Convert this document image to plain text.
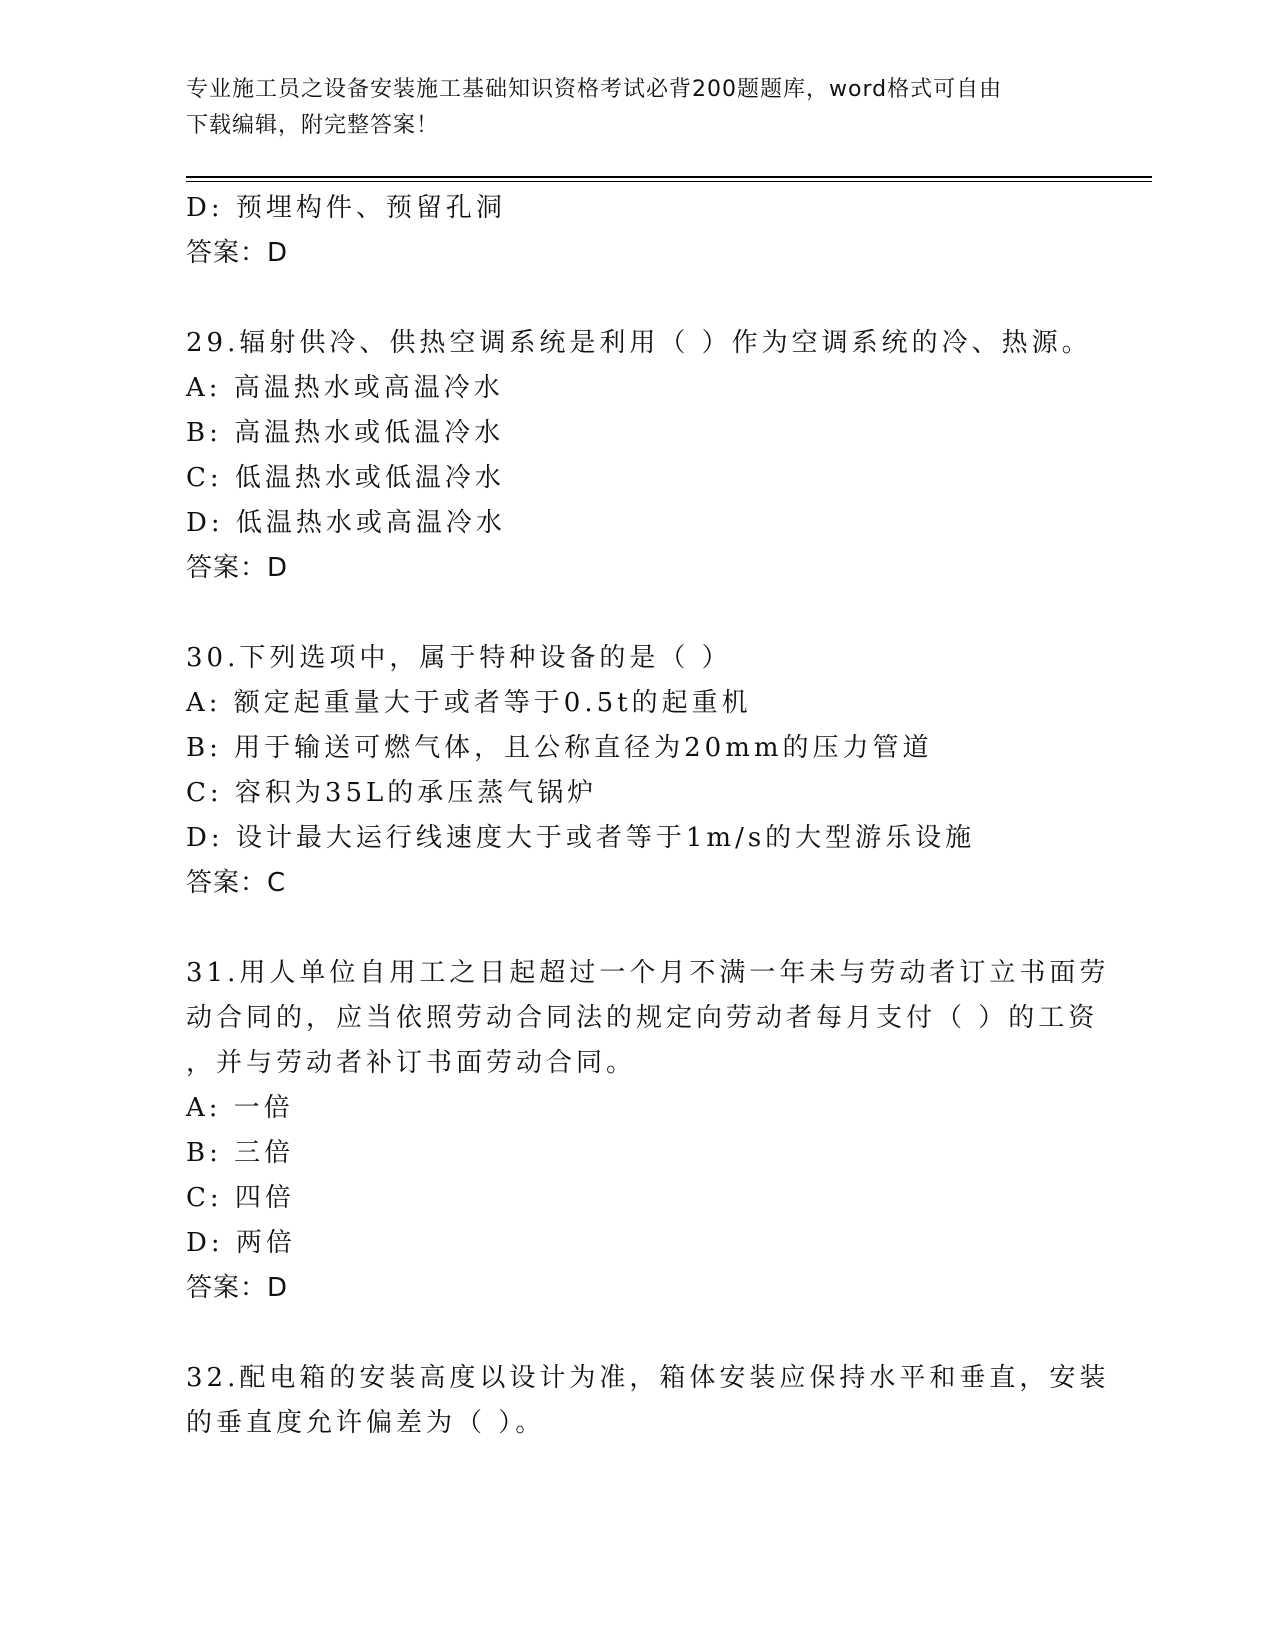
专业施工员之设备安装施工基础知识资格考试必背200题题库，word格式可自由
下载编辑，附完整答案！
D: 预埋构件、预留孔洞
答案：D
29.辐射供冷、供热空调系统是利用（ ）作为空调系统的冷、热源。
A: 高温热水或高温冷水
B: 高温热水或低温冷水
C: 低温热水或低温冷水
D: 低温热水或高温冷水
答案：D
30.下列选项中，属于特种设备的是（ ）
A: 额定起重量大于或者等于0.5t的起重机
B: 用于输送可燃气体，且公称直径为20mm的压力管道
C: 容积为35L的承压蒸气锅炉
D: 设计最大运行线速度大于或者等于1m/s的大型游乐设施
答案：C
31.用人单位自用工之日起超过一个月不满一年未与劳动者订立书面劳
动合同的，应当依照劳动合同法的规定向劳动者每月支付（ ）的工资
，并与劳动者补订书面劳动合同。
A: 一倍
B: 三倍
C: 四倍
D: 两倍
答案：D
32.配电箱的安装高度以设计为准，箱体安装应保持水平和垂直，安装
的垂直度允许偏差为（ ）。
